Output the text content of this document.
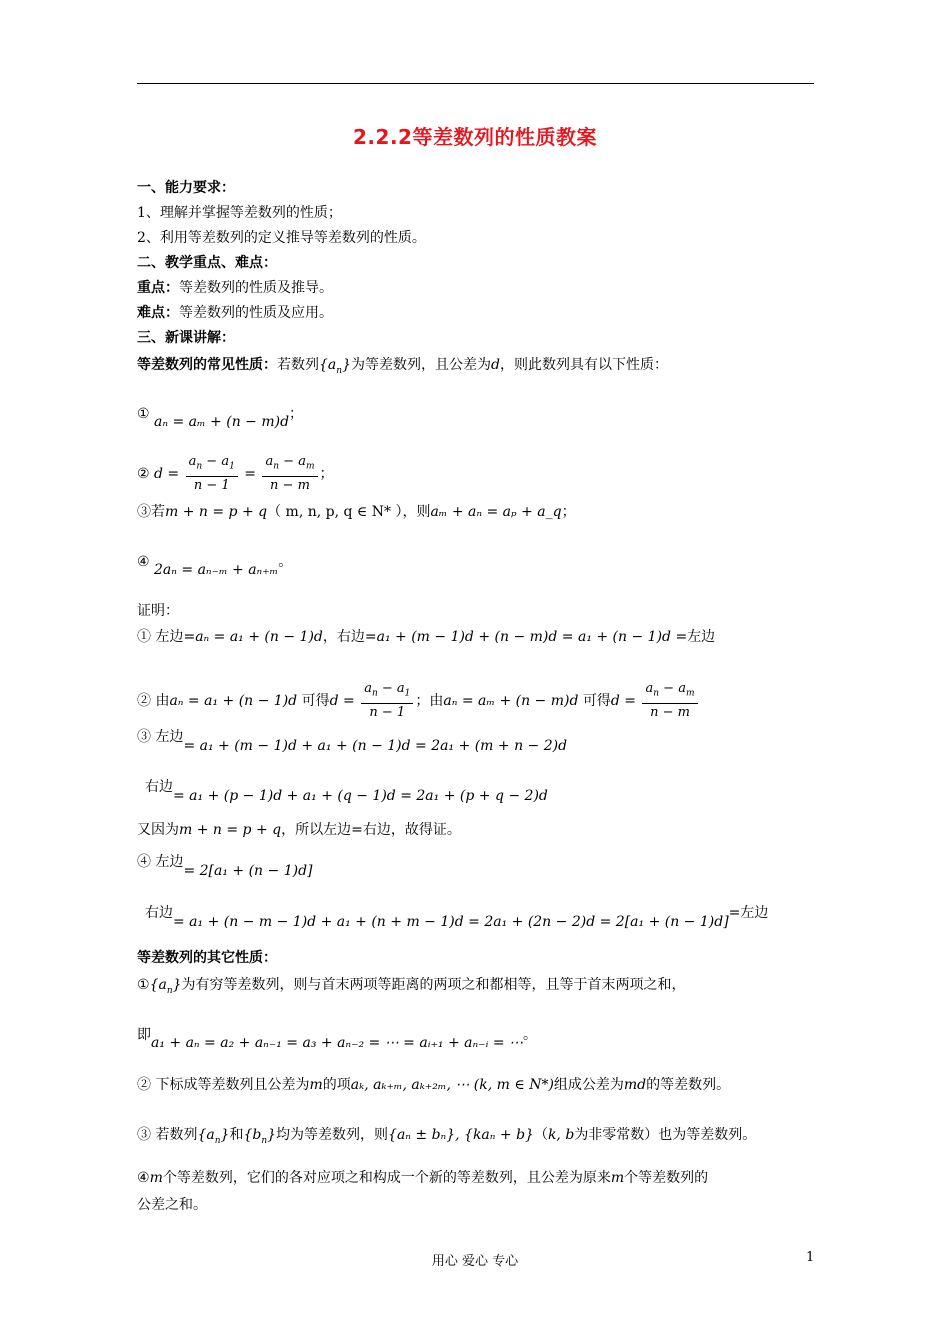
2.2.2等差数列的性质教案
一、能力要求：
1、理解并掌握等差数列的性质；
2、利用等差数列的定义推导等差数列的性质。
二、教学重点、难点：
重点：等差数列的性质及推导。
难点：等差数列的性质及应用。
三、新课讲解：
等差数列的常见性质：若数列$\{a_n\}$为等差数列，且公差为d，则此数列具有以下性质：
① aₙ = aₘ + (n − m)d；
② $d = \frac{a_n - a_1}{n - 1} = \frac{a_n - a_m}{n - m}$ ；
③若m + n = p + q（ m, n, p, q ∈ N* ），则aₘ + aₙ = aₚ + a_q；
④ 2aₙ = aₙ₋ₘ + aₙ₊ₘ。
证明：
① 左边=aₙ = a₁ + (n − 1)d，右边=a₁ + (m − 1)d + (n − m)d = a₁ + (n − 1)d =左边
② 由aₙ = a₁ + (n − 1)d 可得$d = \frac{a_n - a_1}{n - 1}$ ；由aₙ = aₘ + (n − m)d 可得$d = \frac{a_n - a_m}{n - m}$
③ 左边= a₁ + (m − 1)d + a₁ + (n − 1)d = 2a₁ + (m + n − 2)d
右边= a₁ + (p − 1)d + a₁ + (q − 1)d = 2a₁ + (p + q − 2)d
又因为m + n = p + q，所以左边=右边，故得证。
④ 左边= 2[a₁ + (n − 1)d]
右边= a₁ + (n − m − 1)d + a₁ + (n + m − 1)d = 2a₁ + (2n − 2)d = 2[a₁ + (n − 1)d]=左边
等差数列的其它性质：
$①\{a_n\}$为有穷等差数列，则与首末两项等距离的两项之和都相等，且等于首末两项之和，
即a₁ + aₙ = a₂ + aₙ₋₁ = a₃ + aₙ₋₂ = ⋯ = aᵢ₊₁ + aₙ₋ᵢ = ⋯。
② 下标成等差数列且公差为m的项aₖ, aₖ₊ₘ, aₖ₊₂ₘ, ⋯ (k, m ∈ N*)组成公差为md的等差数列。
③ 若数列$\{a_n\}$和$\{b_n\}$均为等差数列，则{aₙ ± bₙ}, {kaₙ + b}（k, b为非零常数）也为等差数列。
④m个等差数列，它们的各对应项之和构成一个新的等差数列，且公差为原来m个等差数列的
公差之和。
用心 爱心 专心	1
